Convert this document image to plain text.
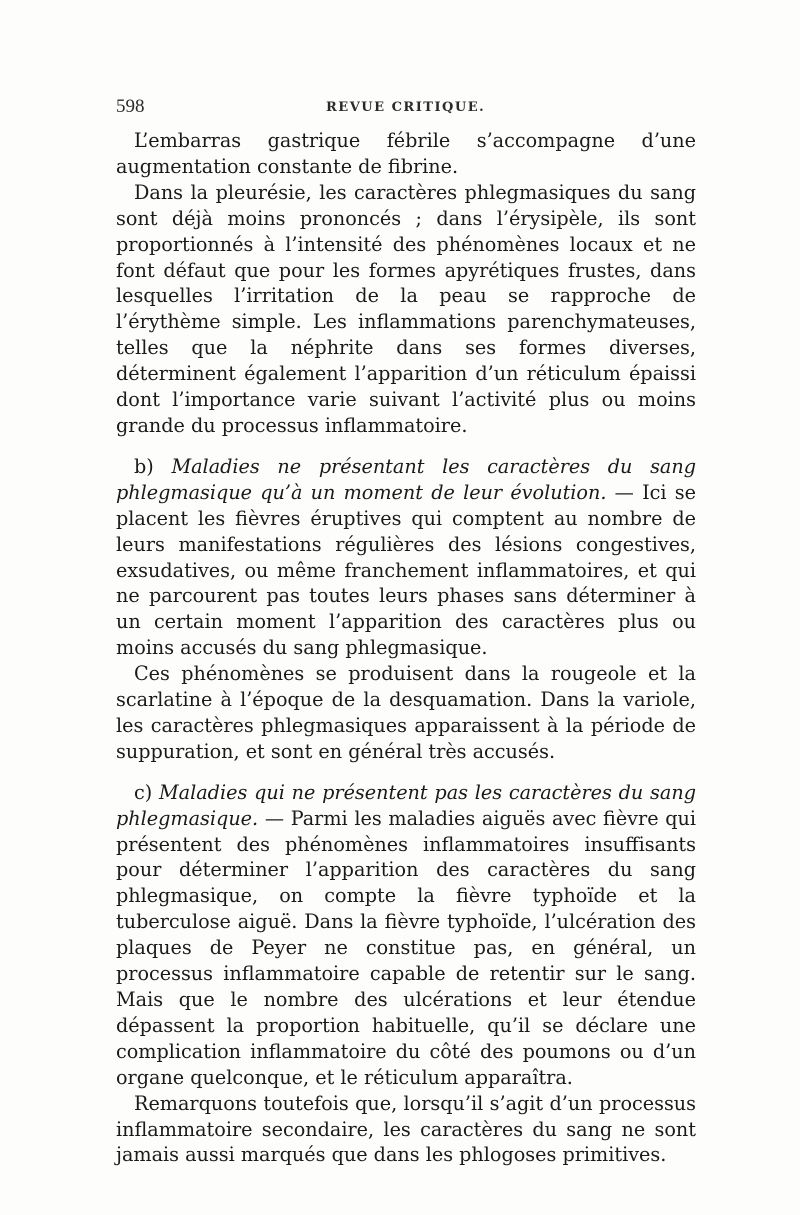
598	REVUE CRITIQUE.

L’embarras gastrique fébrile s’accompagne d’une augmentation constante de fibrine.

Dans la pleurésie, les caractères phlegmasiques du sang sont déjà moins prononcés ; dans l’érysipèle, ils sont proportionnés à l’intensité des phénomènes locaux et ne font défaut que pour les formes apyrétiques frustes, dans lesquelles l’irritation de la peau se rapproche de l’érythème simple. Les inflammations parenchymateuses, telles que la néphrite dans ses formes diverses, déterminent également l’apparition d’un réticulum épaissi dont l’importance varie suivant l’activité plus ou moins grande du processus inflammatoire.

b) Maladies ne présentant les caractères du sang phlegmasique qu’à un moment de leur évolution. — Ici se placent les fièvres éruptives qui comptent au nombre de leurs manifestations régulières des lésions congestives, exsudatives, ou même franchement inflammatoires, et qui ne parcourent pas toutes leurs phases sans déterminer à un certain moment l’apparition des caractères plus ou moins accusés du sang phlegmasique.

Ces phénomènes se produisent dans la rougeole et la scarlatine à l’époque de la desquamation. Dans la variole, les caractères phlegmasiques apparaissent à la période de suppuration, et sont en général très accusés.

c) Maladies qui ne présentent pas les caractères du sang phlegmasique. — Parmi les maladies aiguës avec fièvre qui présentent des phénomènes inflammatoires insuffisants pour déterminer l’apparition des caractères du sang phlegmasique, on compte la fièvre typhoïde et la tuberculose aiguë. Dans la fièvre typhoïde, l’ulcération des plaques de Peyer ne constitue pas, en général, un processus inflammatoire capable de retentir sur le sang. Mais que le nombre des ulcérations et leur étendue dépassent la proportion habituelle, qu’il se déclare une complication inflammatoire du côté des poumons ou d’un organe quelconque, et le réticulum apparaîtra.

Remarquons toutefois que, lorsqu’il s’agit d’un processus inflammatoire secondaire, les caractères du sang ne sont jamais aussi marqués que dans les phlogoses primitives.
